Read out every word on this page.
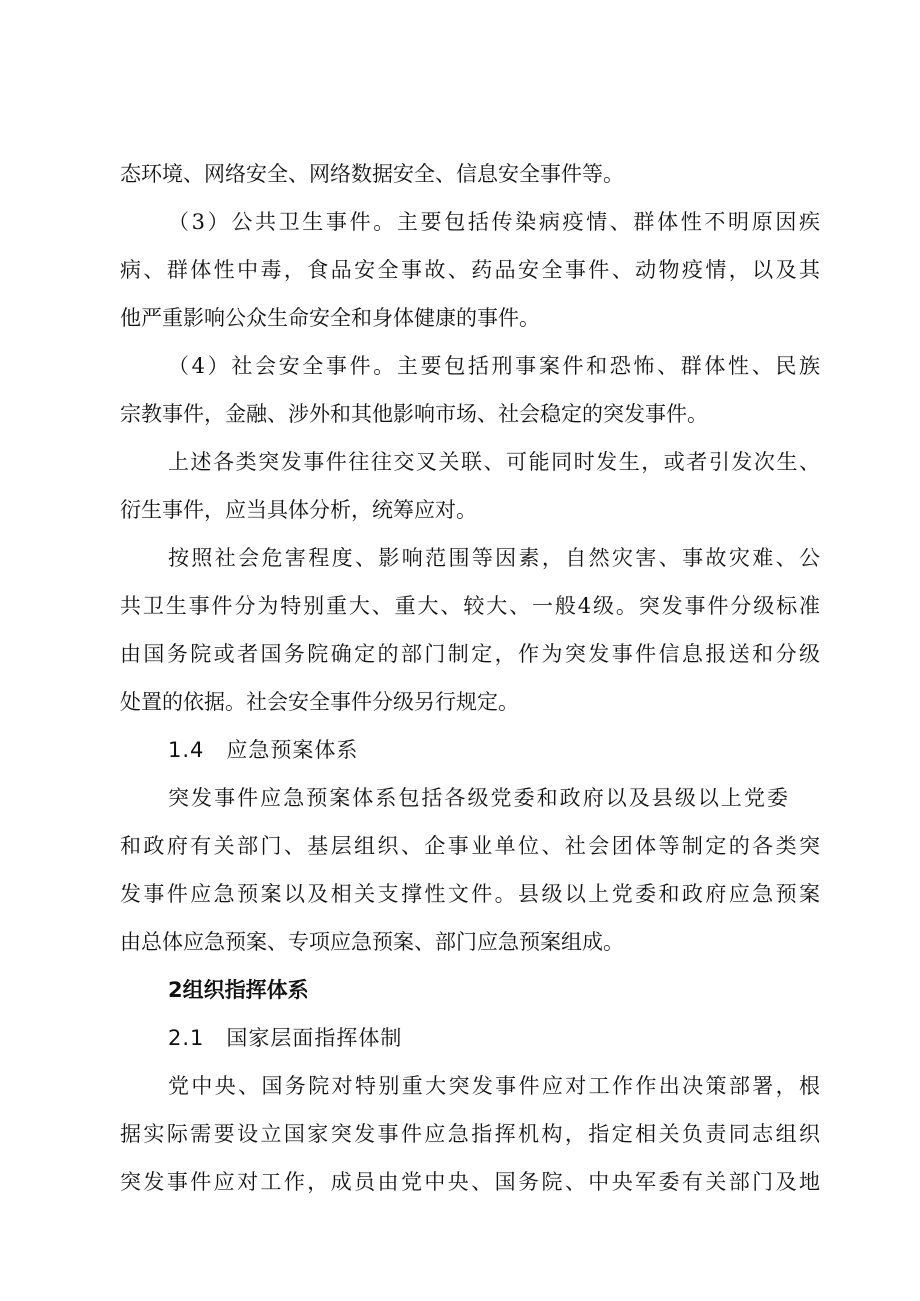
态环境、网络安全、网络数据安全、信息安全事件等。
（3）公共卫生事件。主要包括传染病疫情、群体性不明原因疾
病、群体性中毒，食品安全事故、药品安全事件、动物疫情，以及其
他严重影响公众生命安全和身体健康的事件。
（4）社会安全事件。主要包括刑事案件和恐怖、群体性、民族
宗教事件，金融、涉外和其他影响市场、社会稳定的突发事件。
上述各类突发事件往往交叉关联、可能同时发生，或者引发次生、
衍生事件，应当具体分析，统筹应对。
按照社会危害程度、影响范围等因素，自然灾害、事故灾难、公
共卫生事件分为特别重大、重大、较大、一般4级。突发事件分级标准
由国务院或者国务院确定的部门制定，作为突发事件信息报送和分级
处置的依据。社会安全事件分级另行规定。
1.4　应急预案体系
突发事件应急预案体系包括各级党委和政府以及县级以上党委
和政府有关部门、基层组织、企事业单位、社会团体等制定的各类突
发事件应急预案以及相关支撑性文件。县级以上党委和政府应急预案
由总体应急预案、专项应急预案、部门应急预案组成。
2组织指挥体系
2.1　国家层面指挥体制
党中央、国务院对特别重大突发事件应对工作作出决策部署，根
据实际需要设立国家突发事件应急指挥机构，指定相关负责同志组织
突发事件应对工作，成员由党中央、国务院、中央军委有关部门及地
